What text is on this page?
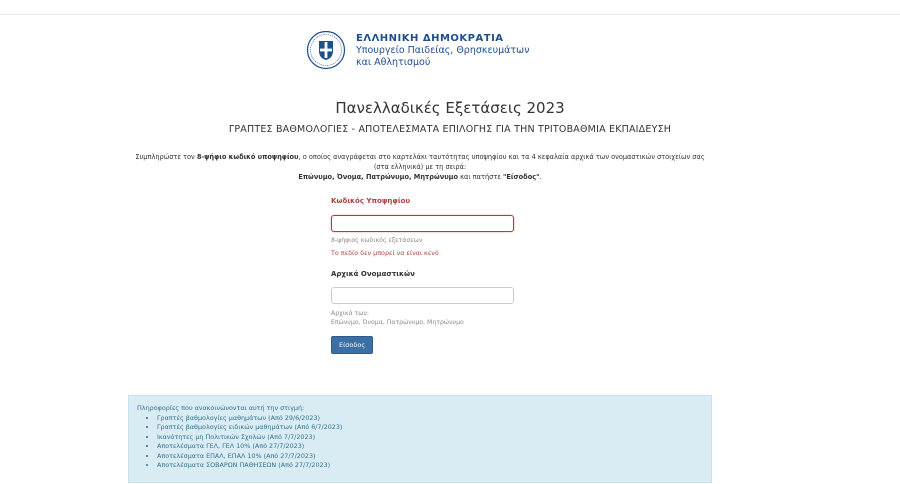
ΕΛΛΗΝΙΚΗ ΔΗΜΟΚΡΑΤΙΑ
Υπουργείο Παιδείας, Θρησκευμάτων
και Αθλητισμού
Πανελλαδικές Εξετάσεις 2023
ΓΡΑΠΤΕΣ ΒΑΘΜΟΛΟΓΙΕΣ - ΑΠΟΤΕΛΕΣΜΑΤΑ ΕΠΙΛΟΓΗΣ ΓΙΑ ΤΗΝ ΤΡΙΤΟΒΑΘΜΙΑ ΕΚΠΑΙΔΕΥΣΗ
Συμπληρώστε τον 8-ψήφιο κωδικό υποψηφίου, ο οποίος αναγράφεται στο καρτελάκι ταυτότητας υποψηφίου και τα 4 κεφαλαία αρχικά των ονομαστικών στοιχείων σας (στα ελληνικά) με τη σειρά:
Επώνυμο, Όνομα, Πατρώνυμο, Μητρώνυμο και πατήστε "Είσοδος".
Κωδικός Υποψηφίου
8-ψήφιος κωδικός εξετάσεων
Το πεδίο δεν μπορεί να είναι κενό
Αρχικά Ονομαστικών
Αρχικά των:
Επώνυμο, Όνομα, Πατρώνυμο, Μητρώνυμο
Είσοδος
Πληροφορίες που ανακοινώνονται αυτή την στιγμή:
• Γραπτές βαθμολογίες μαθημάτων (Από 29/6/2023)
• Γραπτές βαθμολογίες ειδικών μαθημάτων (Από 6/7/2023)
• Ικανότητες μη Πολιτικών Σχολών (Από 7/7/2023)
• Αποτελέσματα ΓΕΛ, ΓΕΛ 10% (Από 27/7/2023)
• Αποτελέσματα ΕΠΑΛ, ΕΠΑΛ 10% (Από 27/7/2023)
• Αποτελέσματα ΣΟΒΑΡΩΝ ΠΑΘΗΣΕΩΝ (Από 27/7/2023)
